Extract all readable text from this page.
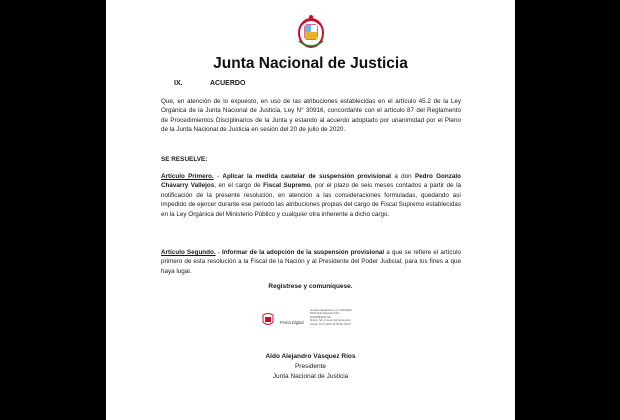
Junta Nacional de Justicia
IX.	ACUERDO

Que, en atención de lo expuesto, en uso de las atribuciones establecidas en el artículo 45.2 de la Ley Orgánica de la Junta Nacional de Justicia, Ley N° 30916, concordante con el artículo 87 del Reglamento de Procedimientos Disciplinarios de la Junta y estando al acuerdo adoptado por unanimidad por el Pleno de la Junta Nacional de Justicia en sesión del 20 de julio de 2020.

SE RESUELVE:

Artículo Primero. - Aplicar la medida cautelar de suspensión provisional a don Pedro Gonzalo Chávarry Vallejos, en el cargo de Fiscal Supremo, por el plazo de seis meses contados a partir de la notificación de la presente resolución, en atención a las consideraciones formuladas, quedando así impedido de ejercer durante ese periodo las atribuciones propias del cargo de Fiscal Supremo establecidas en la Ley Orgánica del Ministerio Público y cualquier otra inherente a dicho cargo.

Artículo Segundo. - Informar de la adopción de la suspensión provisional a que se refiere el artículo primero de esta resolución a la Fiscal de la Nación y al Presidente del Poder Judicial, para los fines a que haya lugar.

Regístrese y comuníquese.
Firma Digital
Firmado digitalmente por VASQUEZ
RIOS Aldo Alejandro FAU
20194484000 soft
Motivo: Soy el autor del documento
Fecha: 20.07.2020 16:39:28 -05:00
Aldo Alejandro Vásquez Ríos
Presidente
Junta Nacional de Justicia
